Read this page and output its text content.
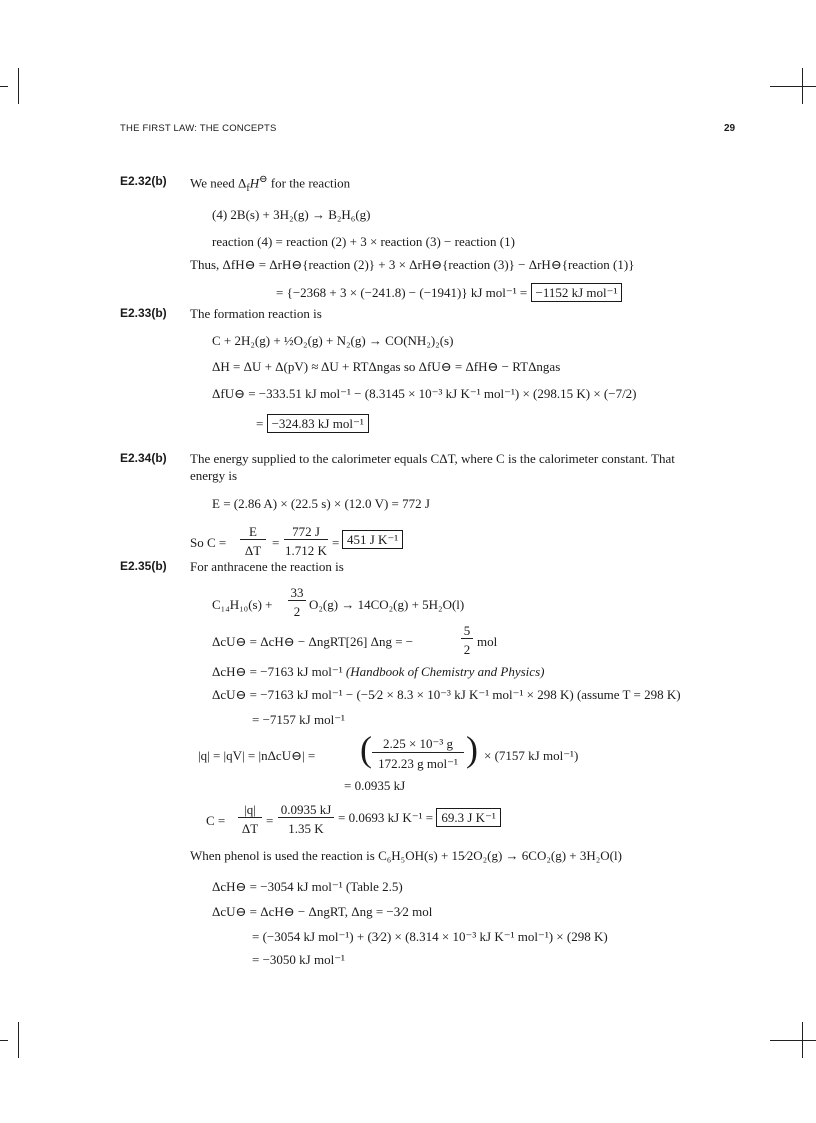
THE FIRST LAW: THE CONCEPTS	29
E2.32(b) We need $\Delta_fH^⊖$ for the reaction
(4) 2B(s) + 3H₂(g) → B₂H₆(g)
reaction (4) = reaction (2) + 3 × reaction (3) − reaction (1)
Thus, ΔfH⊖ = ΔrH⊖{reaction (2)} + 3 × ΔrH⊖{reaction (3)} − ΔrH⊖{reaction (1)}
= {−2368 + 3 × (−241.8) − (−1941)} kJ mol⁻¹ = −1152 kJ mol⁻¹
E2.33(b) The formation reaction is
C + 2H₂(g) + ½O₂(g) + N₂(g) → CO(NH₂)₂(s)
ΔH = ΔU + Δ(pV) ≈ ΔU + RTΔngas so ΔfU⊖ = ΔfH⊖ − RTΔngas
ΔfU⊖ = −333.51 kJ mol⁻¹ − (8.3145 × 10⁻³ kJ K⁻¹ mol⁻¹) × (298.15 K) × (−7/2)
= −324.83 kJ mol⁻¹
E2.34(b) The energy supplied to the calorimeter equals CΔT, where C is the calorimeter constant. That
energy is
E = (2.86 A) × (22.5 s) × (12.0 V) = 772 J
So C =
E
ΔT
=
772 J
1.712 K
= 451 J K⁻¹
E2.35(b) For anthracene the reaction is
C₁₄H₁₀(s) +
33
2 O₂(g) → 14CO₂(g) + 5H₂O(l)
ΔcU⊖ = ΔcH⊖ − ΔngRT[26] Δng = −
5
2
mol
ΔcH⊖ = −7163 kJ mol⁻¹ (Handbook of Chemistry and Physics)
ΔcU⊖ = −7163 kJ mol⁻¹ − (−5⁄2 × 8.3 × 10⁻³ kJ K⁻¹ mol⁻¹ × 298 K) (assume T = 298 K)
= −7157 kJ mol⁻¹
|q| = |qV| = |nΔcU⊖| = ( 2.25 × 10⁻³ g
172.23 g mol⁻¹ ) × (7157 kJ mol⁻¹)
= 0.0935 kJ
C =
|q|
ΔT
=
0.0935 kJ
1.35 K
= 0.0693 kJ K⁻¹ = 69.3 J K⁻¹
When phenol is used the reaction is C₆H₅OH(s) + 15⁄2O₂(g) → 6CO₂(g) + 3H₂O(l)
ΔcH⊖ = −3054 kJ mol⁻¹ (Table 2.5)
ΔcU⊖ = ΔcH⊖ − ΔngRT, Δng = −3⁄2 mol
= (−3054 kJ mol⁻¹) + (3⁄2) × (8.314 × 10⁻³ kJ K⁻¹ mol⁻¹) × (298 K)
= −3050 kJ mol⁻¹
